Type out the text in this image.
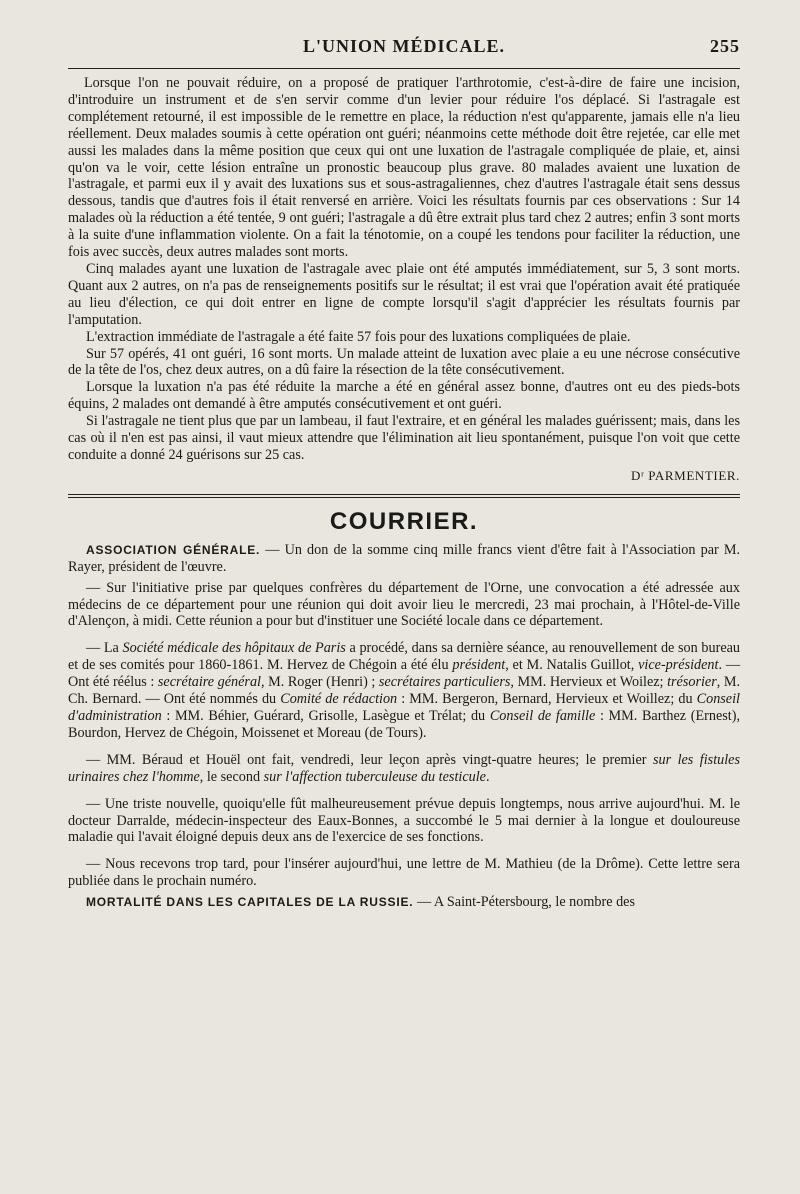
L'UNION MÉDICALE.	255

Lorsque l'on ne pouvait réduire, on a proposé de pratiquer l'arthrotomie, c'est-à-dire de faire une incision, d'introduire un instrument et de s'en servir comme d'un levier pour réduire l'os déplacé. Si l'astragale est complétement retourné, il est impossible de le remettre en place, la réduction n'est qu'apparente, jamais elle n'a lieu réellement. Deux malades soumis à cette opération ont guéri; néanmoins cette méthode doit être rejetée, car elle met aussi les malades dans la même position que ceux qui ont une luxation de l'astragale compliquée de plaie, et, ainsi qu'on va le voir, cette lésion entraîne un pronostic beaucoup plus grave. 80 malades avaient une luxation de l'astragale, et parmi eux il y avait des luxations sus et sous-astragaliennes, chez d'autres l'astragale était sens dessus dessous, tandis que d'autres fois il était renversé en arrière. Voici les résultats fournis par ces observations : Sur 14 malades où la réduction a été tentée, 9 ont guéri; l'astragale a dû être extrait plus tard chez 2 autres; enfin 3 sont morts à la suite d'une inflammation violente. On a fait la ténotomie, on a coupé les tendons pour faciliter la réduction, une fois avec succès, deux autres malades sont morts.

Cinq malades ayant une luxation de l'astragale avec plaie ont été amputés immédiatement, sur 5, 3 sont morts. Quant aux 2 autres, on n'a pas de renseignements positifs sur le résultat; il est vrai que l'opération avait été pratiquée au lieu d'élection, ce qui doit entrer en ligne de compte lorsqu'il s'agit d'apprécier les résultats fournis par l'amputation.

L'extraction immédiate de l'astragale a été faite 57 fois pour des luxations compliquées de plaie.

Sur 57 opérés, 41 ont guéri, 16 sont morts. Un malade atteint de luxation avec plaie a eu une nécrose consécutive de la tête de l'os, chez deux autres, on a dû faire la résection de la tête consécutivement.

Lorsque la luxation n'a pas été réduite la marche a été en général assez bonne, d'autres ont eu des pieds-bots équins, 2 malades ont demandé à être amputés consécutivement et ont guéri.

Si l'astragale ne tient plus que par un lambeau, il faut l'extraire, et en général les malades guérissent; mais, dans les cas où il n'en est pas ainsi, il vaut mieux attendre que l'élimination ait lieu spontanément, puisque l'on voit que cette conduite a donné 24 guérisons sur 25 cas.

Dʳ PARMENTIER.
COURRIER.

ASSOCIATION GÉNÉRALE. — Un don de la somme cinq mille francs vient d'être fait à l'Association par M. Rayer, président de l'œuvre.

— Sur l'initiative prise par quelques confrères du département de l'Orne, une convocation a été adressée aux médecins de ce département pour une réunion qui doit avoir lieu le mercredi, 23 mai prochain, à l'Hôtel-de-Ville d'Alençon, à midi. Cette réunion a pour but d'instituer une Société locale dans ce département.

— La Société médicale des hôpitaux de Paris a procédé, dans sa dernière séance, au renouvellement de son bureau et de ses comités pour 1860-1861. M. Hervez de Chégoin a été élu président, et M. Natalis Guillot, vice-président. — Ont été réélus : secrétaire général, M. Roger (Henri) ; secrétaires particuliers, MM. Hervieux et Woilez; trésorier, M. Ch. Bernard. — Ont été nommés du Comité de rédaction : MM. Bergeron, Bernard, Hervieux et Woillez; du Conseil d'administration : MM. Béhier, Guérard, Grisolle, Lasègue et Trélat; du Conseil de famille : MM. Barthez (Ernest), Bourdon, Hervez de Chégoin, Moissenet et Moreau (de Tours).

— MM. Béraud et Houël ont fait, vendredi, leur leçon après vingt-quatre heures; le premier sur les fistules urinaires chez l'homme, le second sur l'affection tuberculeuse du testicule.

— Une triste nouvelle, quoiqu'elle fût malheureusement prévue depuis longtemps, nous arrive aujourd'hui. M. le docteur Darralde, médecin-inspecteur des Eaux-Bonnes, a succombé le 5 mai dernier à la longue et douloureuse maladie qui l'avait éloigné depuis deux ans de l'exercice de ses fonctions.

— Nous recevons trop tard, pour l'insérer aujourd'hui, une lettre de M. Mathieu (de la Drôme). Cette lettre sera publiée dans le prochain numéro.

MORTALITÉ DANS LES CAPITALES DE LA RUSSIE. — A Saint-Pétersbourg, le nombre des
